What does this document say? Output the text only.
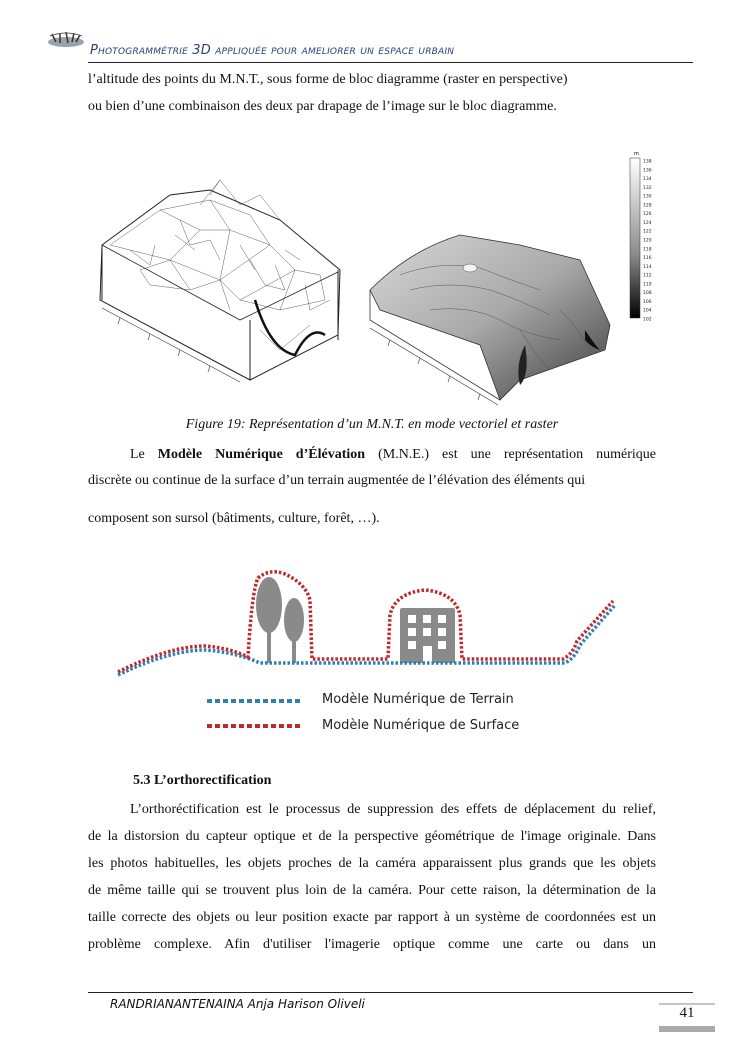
Photogrammétrie 3D appliquée pour ameliorer un espace urbain
l’altitude des points du M.N.T., sous forme de bloc diagramme (raster en perspective)
ou bien d’une combinaison des deux par drapage de l’image sur le bloc diagramme.
m
138
136
134
132
130
128
126
124
122
120
118
116
114
112
110
108
106
104
102
Figure 19: Représentation d’un M.N.T. en mode vectoriel et raster
Le Modèle Numérique d’Élévation (M.N.E.) est une représentation numérique
discrète ou continue de la surface d’un terrain augmentée de l’élévation des éléments qui
composent son sursol (bâtiments, culture, forêt, …).
Modèle Numérique de Terrain
Modèle Numérique de Surface
5.3 L’orthorectification
L’orthoréctification est le processus de suppression des effets de déplacement du relief,
de la distorsion du capteur optique et de la perspective géométrique de l'image originale. Dans
les photos habituelles, les objets proches de la caméra apparaissent plus grands que les objets
de même taille qui se trouvent plus loin de la caméra. Pour cette raison, la détermination de la
taille correcte des objets ou leur position exacte par rapport à un système de coordonnées est un
problème complexe. Afin d'utiliser l'imagerie optique comme une carte ou dans un
RANDRIANANTENAINA Anja Harison Oliveli
41
